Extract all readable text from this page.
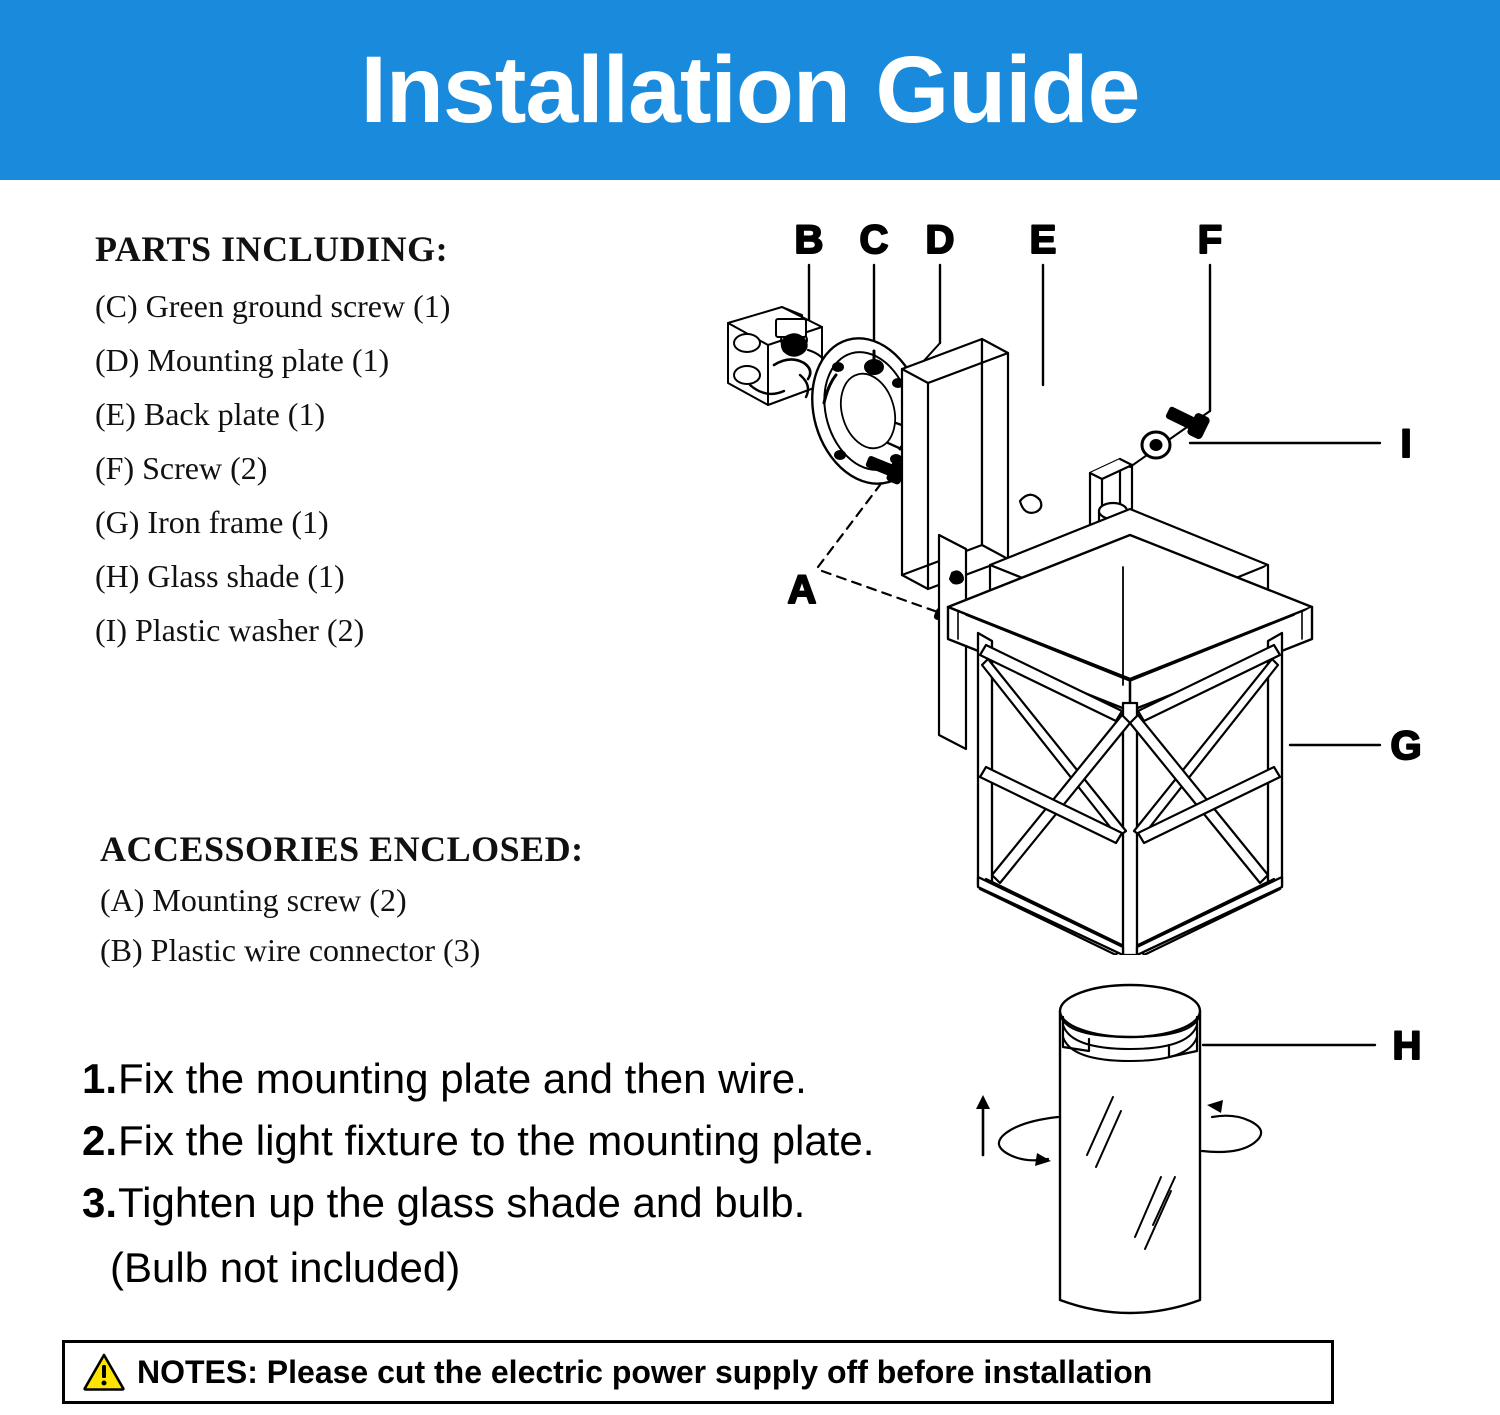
Installation Guide
PARTS INCLUDING:
(C) Green ground screw (1)
(D) Mounting plate (1)
(E) Back plate (1)
(F) Screw (2)
(G) Iron frame (1)
(H) Glass shade (1)
(I) Plastic washer (2)
ACCESSORIES ENCLOSED:
(A) Mounting screw (2)
(B) Plastic wire connector (3)
1. Fix the mounting plate and then wire.
2. Fix the light fixture to the mounting plate.
3. Tighten up the glass shade and bulb.
(Bulb not included)
NOTES: Please cut the electric power supply off before installation
B C D E	F
I
G
A
H
